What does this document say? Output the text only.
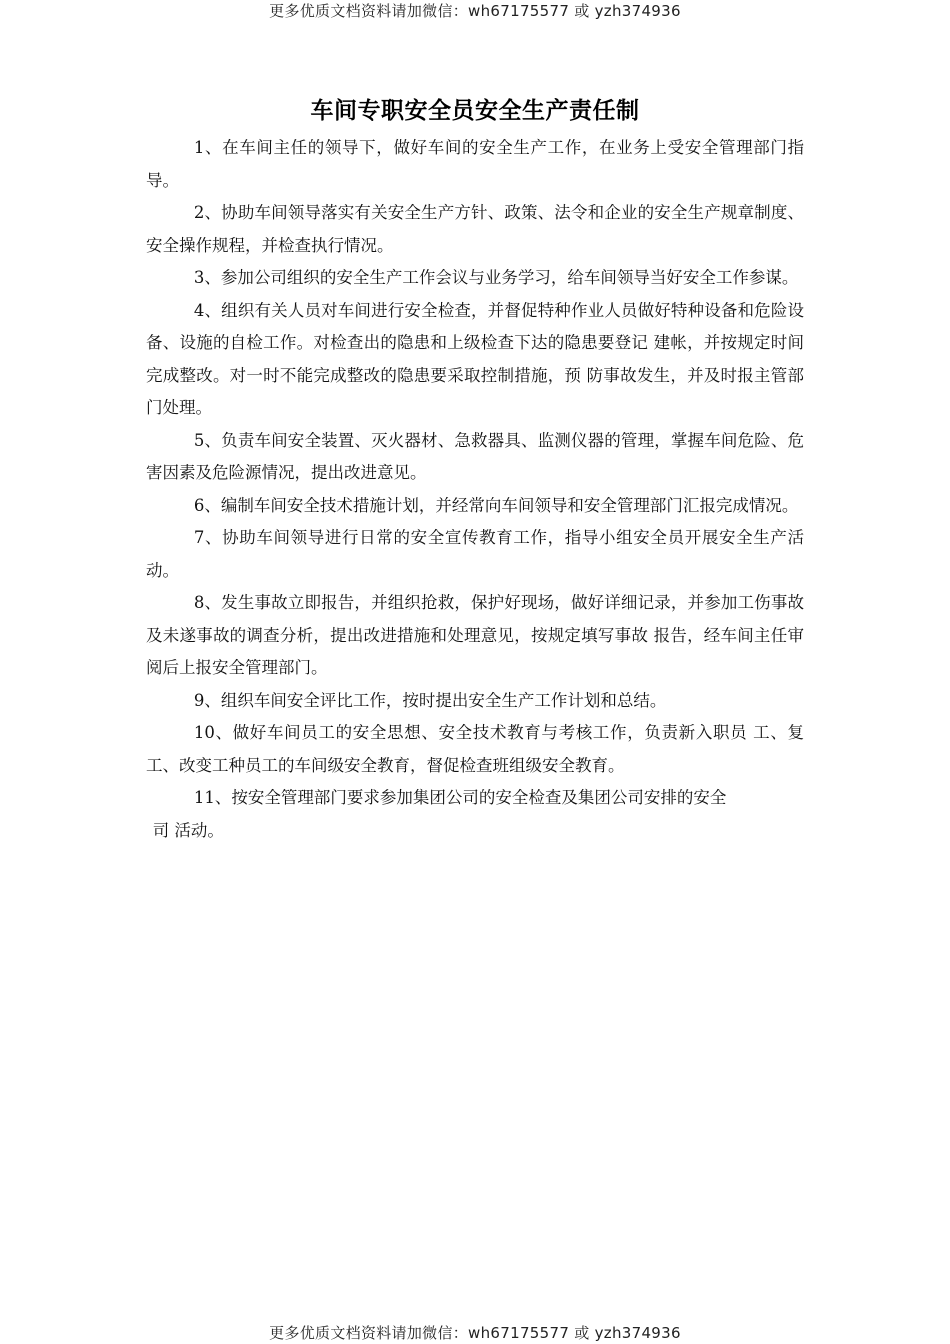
更多优质文档资料请加微信：wh67175577 或 yzh374936
车间专职安全员安全生产责任制

1、在车间主任的领导下，做好车间的安全生产工作，在业务上受安全管理部门指导。

2、协助车间领导落实有关安全生产方针、政策、法令和企业的安全生产规章制度、安全操作规程，并检查执行情况。

3、参加公司组织的安全生产工作会议与业务学习，给车间领导当好安全工作参谋。

4、组织有关人员对车间进行安全检查，并督促特种作业人员做好特种设备和危险设备、设施的自检工作。对检查出的隐患和上级检查下达的隐患要登记 建帐，并按规定时间完成整改。对一时不能完成整改的隐患要采取控制措施，预 防事故发生，并及时报主管部门处理。

5、负责车间安全装置、灭火器材、急救器具、监测仪器的管理，掌握车间危险、危害因素及危险源情况，提出改进意见。

6、编制车间安全技术措施计划，并经常向车间领导和安全管理部门汇报完成情况。

7、协助车间领导进行日常的安全宣传教育工作，指导小组安全员开展安全生产活动。

8、发生事故立即报告，并组织抢救，保护好现场，做好详细记录，并参加工伤事故及未遂事故的调查分析，提出改进措施和处理意见，按规定填写事故 报告，经车间主任审阅后上报安全管理部门。

9、组织车间安全评比工作，按时提出安全生产工作计划和总结。

10、做好车间员工的安全思想、安全技术教育与考核工作，负责新入职员 工、复工、改变工种员工的车间级安全教育，督促检查班组级安全教育。

11、按安全管理部门要求参加集团公司的安全检查及集团公司安排的安全

司 活动。

更多优质文档资料请加微信：wh67175577 或 yzh374936
